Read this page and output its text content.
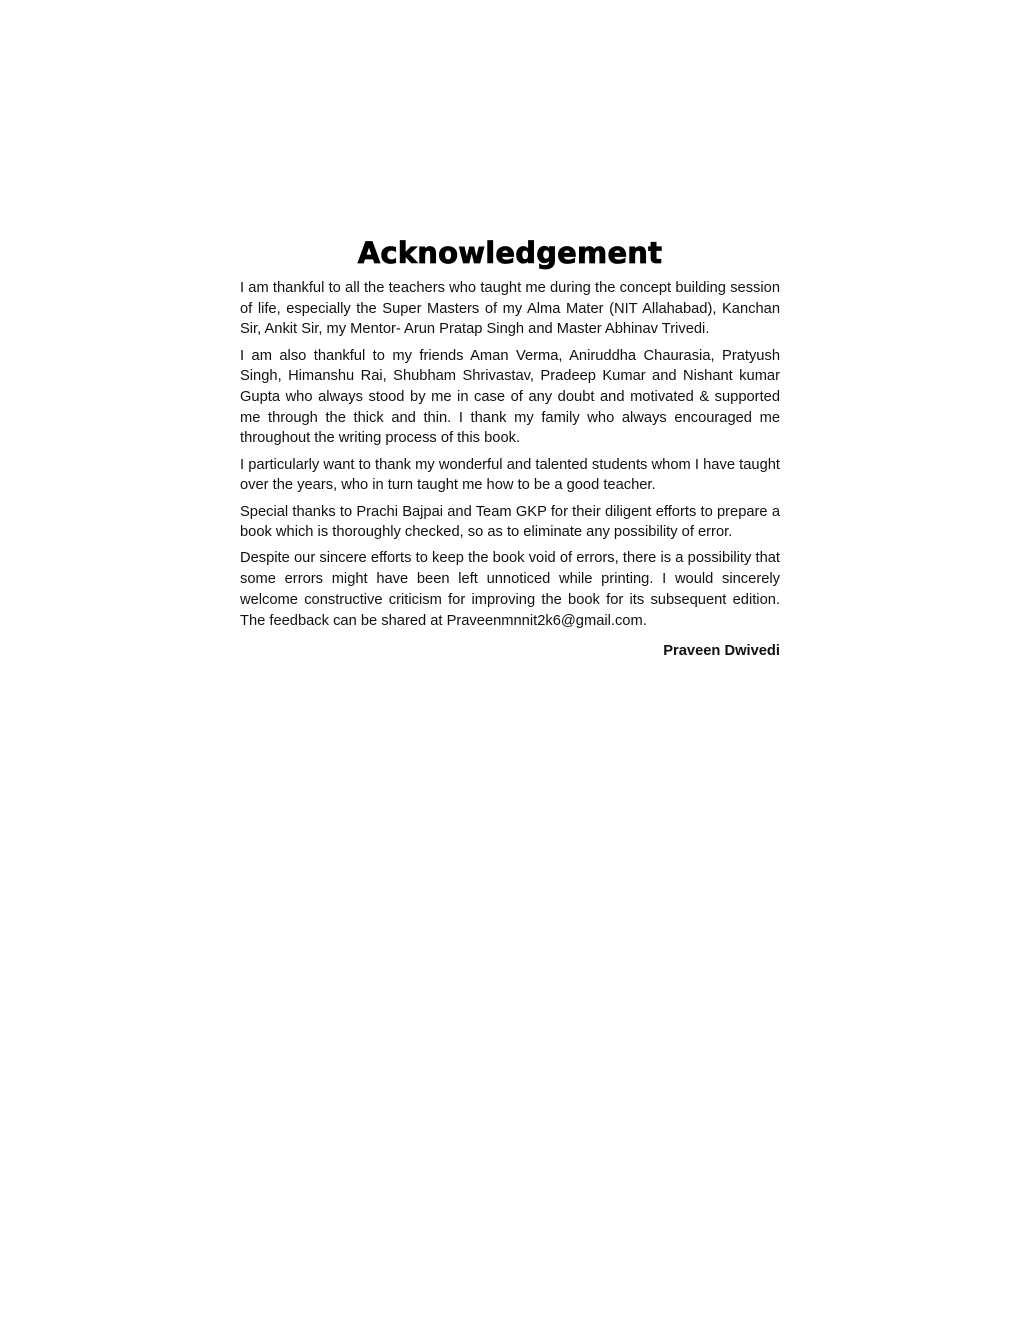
Acknowledgement

I am thankful to all the teachers who taught me during the concept building session of life, especially the Super Masters of my Alma Mater (NIT Allahabad), Kanchan Sir, Ankit Sir, my Mentor- Arun Pratap Singh and Master Abhinav Trivedi.

I am also thankful to my friends Aman Verma, Aniruddha Chaurasia, Pratyush Singh, Himanshu Rai, Shubham Shrivastav, Pradeep Kumar and Nishant kumar Gupta who always stood by me in case of any doubt and motivated & supported me through the thick and thin. I thank my family who always encouraged me throughout the writing process of this book.

I particularly want to thank my wonderful and talented students whom I have taught over the years, who in turn taught me how to be a good teacher.

Special thanks to Prachi Bajpai and Team GKP for their diligent efforts to prepare a book which is thoroughly checked, so as to eliminate any possibility of error.

Despite our sincere efforts to keep the book void of errors, there is a possibility that some errors might have been left unnoticed while printing. I would sincerely welcome constructive criticism for improving the book for its subsequent edition. The feedback can be shared at Praveenmnnit2k6@gmail.com.

Praveen Dwivedi
